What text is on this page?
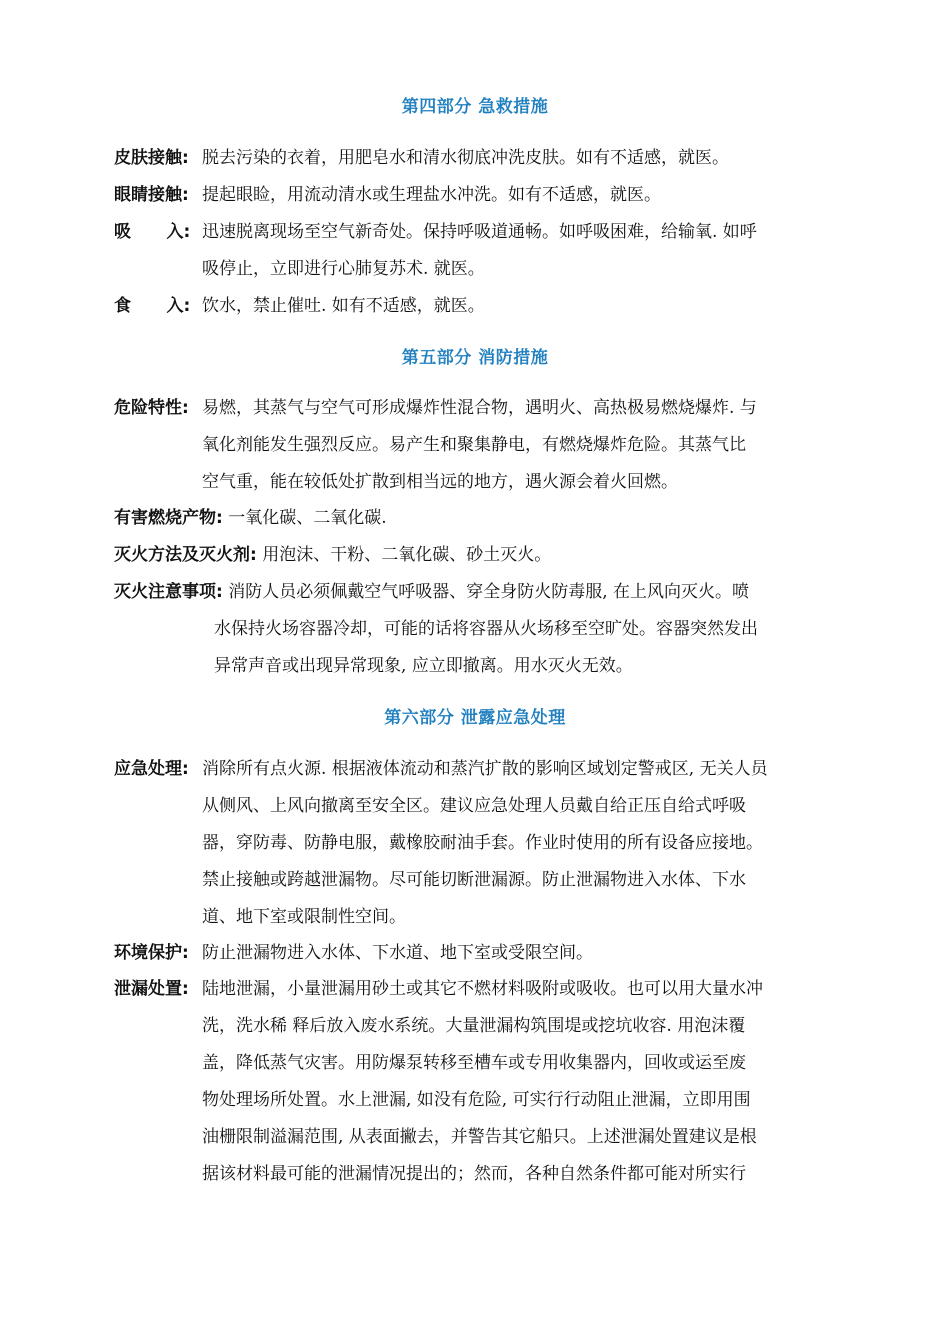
第四部分 急救措施
皮肤接触: 脱去污染的衣着，用肥皂水和清水彻底冲洗皮肤。如有不适感，就医。
眼睛接触: 提起眼睑，用流动清水或生理盐水冲洗。如有不适感，就医。
吸      入: 迅速脱离现场至空气新奇处。保持呼吸道通畅。如呼吸困难，给输氧. 如呼
吸停止，立即进行心肺复苏术. 就医。
食      入: 饮水，禁止催吐. 如有不适感，就医。
第五部分 消防措施
危险特性: 易燃，其蒸气与空气可形成爆炸性混合物，遇明火、高热极易燃烧爆炸. 与
氧化剂能发生强烈反应。易产生和聚集静电，有燃烧爆炸危险。其蒸气比
空气重，能在较低处扩散到相当远的地方，遇火源会着火回燃。
有害燃烧产物: 一氧化碳、二氧化碳.
灭火方法及灭火剂: 用泡沫、干粉、二氧化碳、砂土灭火。
灭火注意事项: 消防人员必须佩戴空气呼吸器、穿全身防火防毒服, 在上风向灭火。喷
水保持火场容器冷却，可能的话将容器从火场移至空旷处。容器突然发出
异常声音或出现异常现象, 应立即撤离。用水灭火无效。
第六部分 泄露应急处理
应急处理: 消除所有点火源. 根据液体流动和蒸汽扩散的影响区域划定警戒区, 无关人员
从侧风、上风向撤离至安全区。建议应急处理人员戴自给正压自给式呼吸
器，穿防毒、防静电服，戴橡胶耐油手套。作业时使用的所有设备应接地。
禁止接触或跨越泄漏物。尽可能切断泄漏源。防止泄漏物进入水体、下水
道、地下室或限制性空间。
环境保护: 防止泄漏物进入水体、下水道、地下室或受限空间。
泄漏处置: 陆地泄漏，小量泄漏用砂土或其它不燃材料吸附或吸收。也可以用大量水冲
洗，洗水稀 释后放入废水系统。大量泄漏构筑围堤或挖坑收容. 用泡沫覆
盖，降低蒸气灾害。用防爆泵转移至槽车或专用收集器内，回收或运至废
物处理场所处置。水上泄漏, 如没有危险, 可实行行动阻止泄漏，立即用围
油栅限制溢漏范围, 从表面撇去，并警告其它船只。上述泄漏处置建议是根
据该材料最可能的泄漏情况提出的；然而，各种自然条件都可能对所实行
